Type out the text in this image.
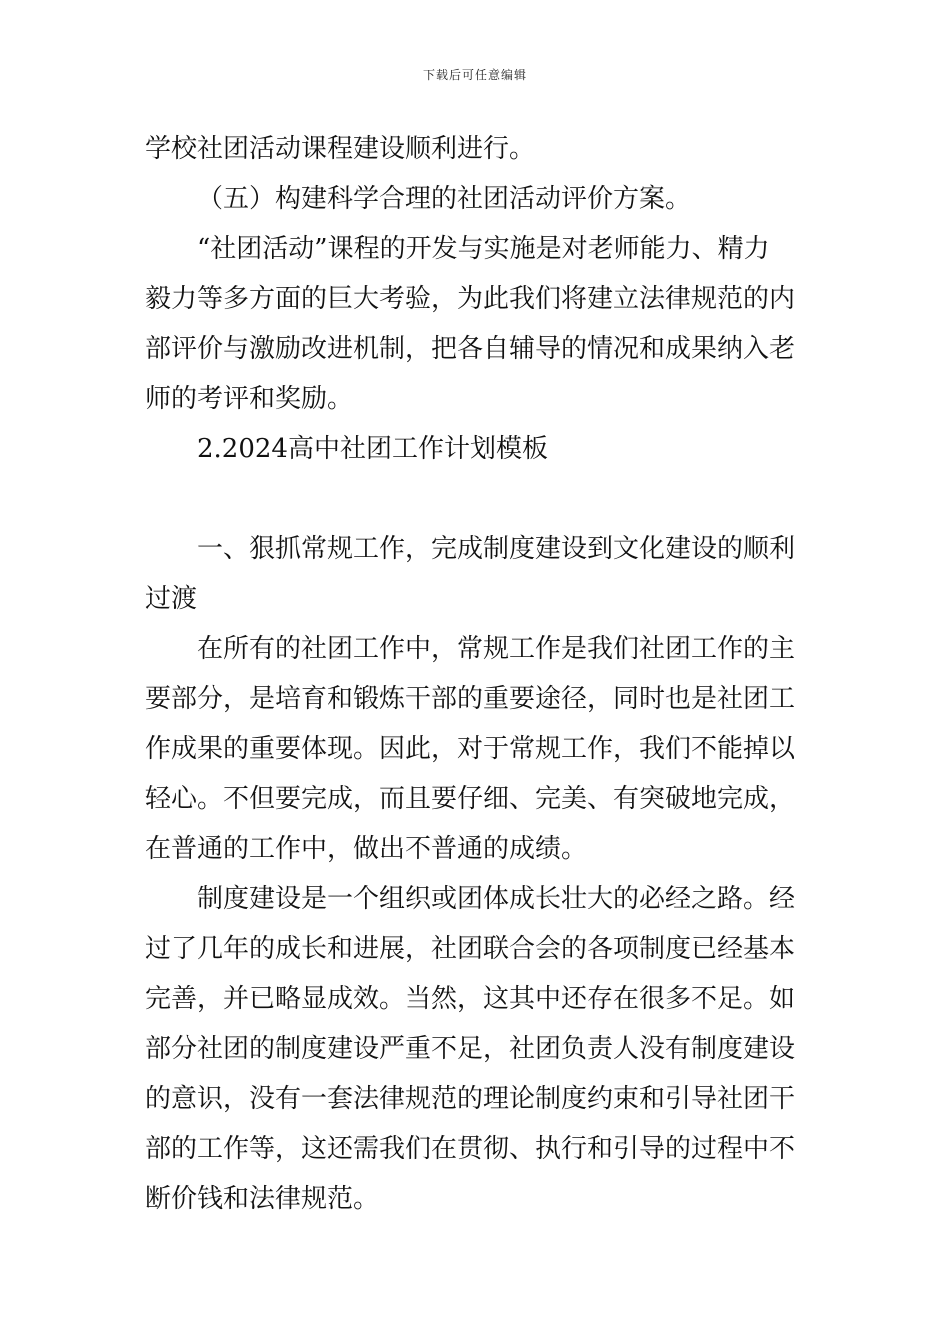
下载后可任意编辑
学校社团活动课程建设顺利进行。
（五）构建科学合理的社团活动评价方案。
“社团活动”课程的开发与实施是对老师能力、精力
毅力等多方面的巨大考验，为此我们将建立法律规范的内
部评价与激励改进机制，把各自辅导的情况和成果纳入老
师的考评和奖励。
2.2024高中社团工作计划模板
一、狠抓常规工作，完成制度建设到文化建设的顺利
过渡
在所有的社团工作中，常规工作是我们社团工作的主
要部分，是培育和锻炼干部的重要途径，同时也是社团工
作成果的重要体现。因此，对于常规工作，我们不能掉以
轻心。不但要完成，而且要仔细、完美、有突破地完成，
在普通的工作中，做出不普通的成绩。
制度建设是一个组织或团体成长壮大的必经之路。经
过了几年的成长和进展，社团联合会的各项制度已经基本
完善，并已略显成效。当然，这其中还存在很多不足。如
部分社团的制度建设严重不足，社团负责人没有制度建设
的意识，没有一套法律规范的理论制度约束和引导社团干
部的工作等，这还需我们在贯彻、执行和引导的过程中不
断价钱和法律规范。
